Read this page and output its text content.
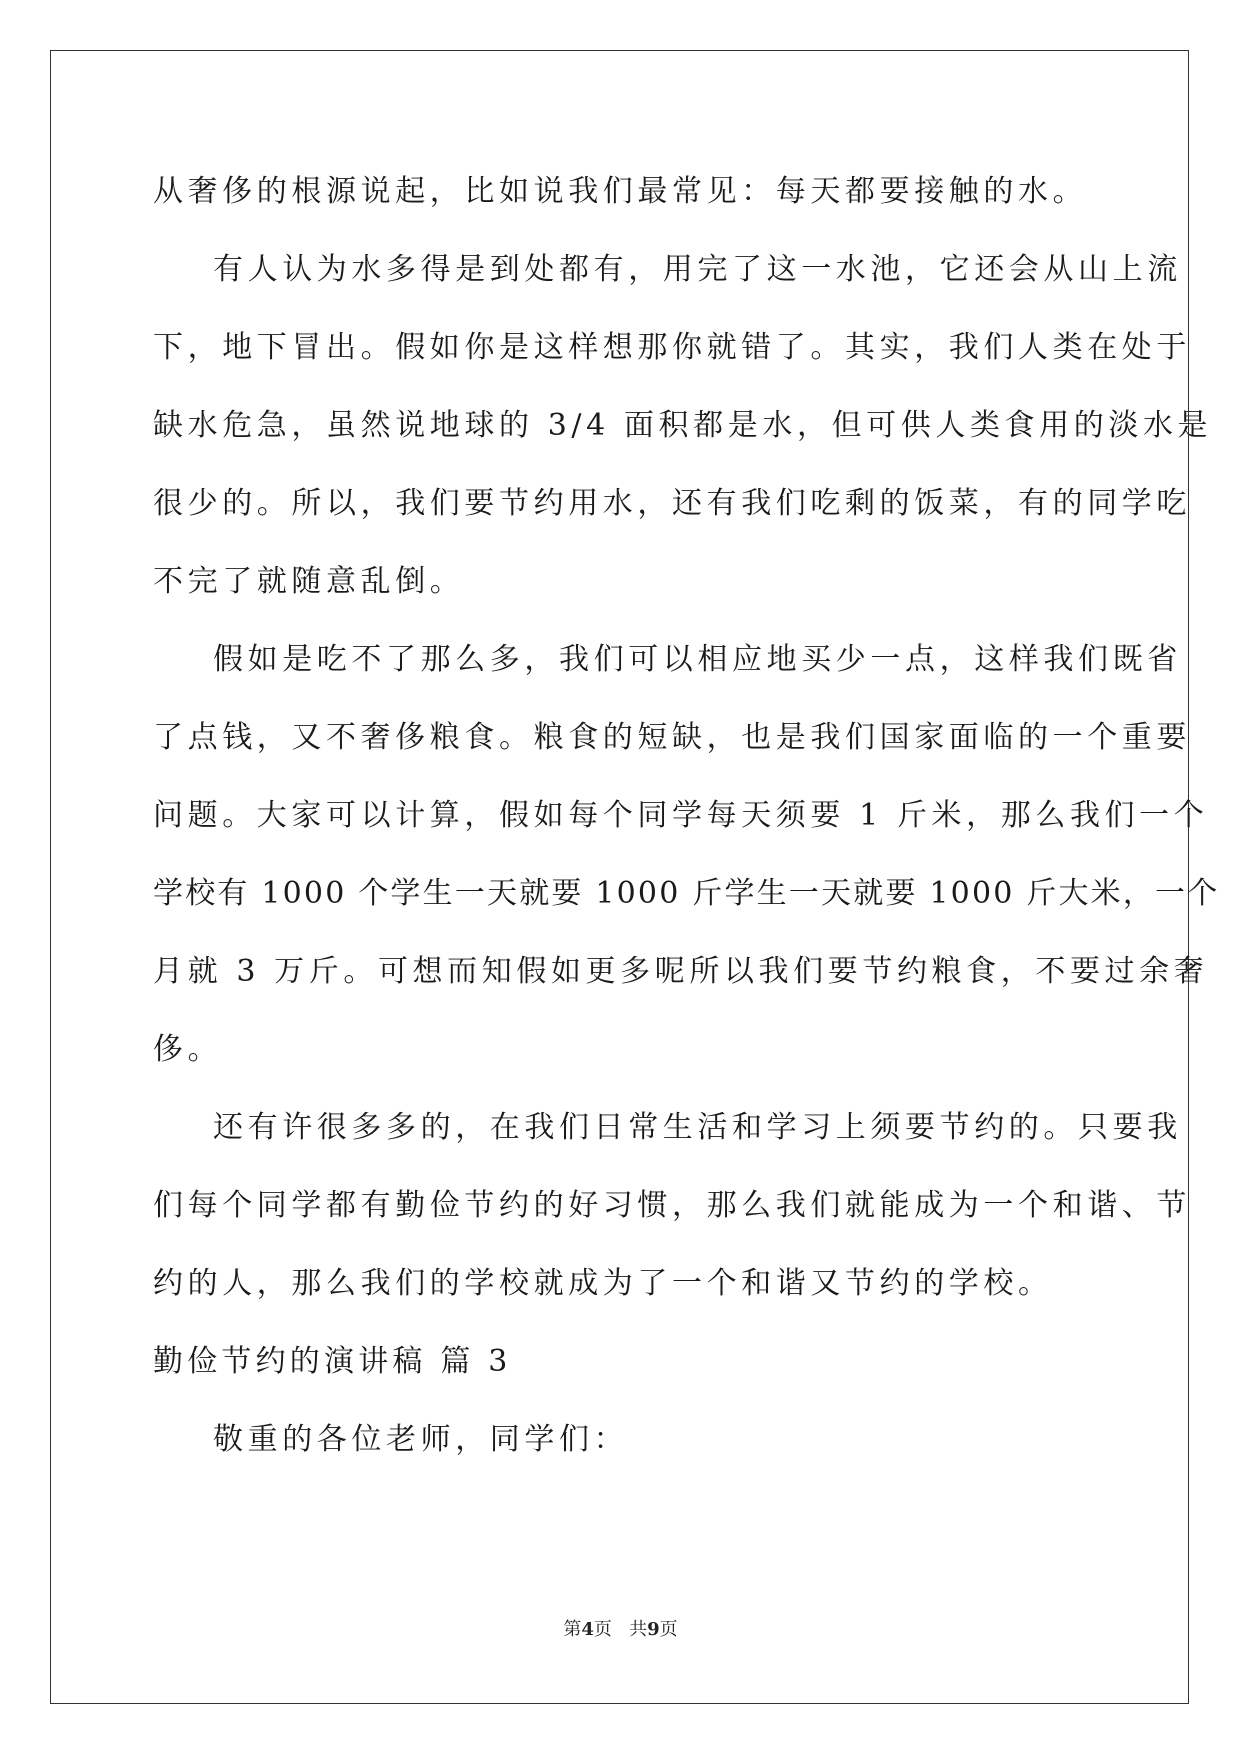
从奢侈的根源说起，比如说我们最常见：每天都要接触的水。
有人认为水多得是到处都有，用完了这一水池，它还会从山上流
下，地下冒出。假如你是这样想那你就错了。其实，我们人类在处于
缺水危急，虽然说地球的 3/4 面积都是水，但可供人类食用的淡水是
很少的。所以，我们要节约用水，还有我们吃剩的饭菜，有的同学吃
不完了就随意乱倒。
假如是吃不了那么多，我们可以相应地买少一点，这样我们既省
了点钱，又不奢侈粮食。粮食的短缺，也是我们国家面临的一个重要
问题。大家可以计算，假如每个同学每天须要 1 斤米，那么我们一个
学校有 1000 个学生一天就要 1000 斤学生一天就要 1000 斤大米，一个
月就 3 万斤。可想而知假如更多呢所以我们要节约粮食，不要过余奢
侈。
还有许很多多的，在我们日常生活和学习上须要节约的。只要我
们每个同学都有勤俭节约的好习惯，那么我们就能成为一个和谐、节
约的人，那么我们的学校就成为了一个和谐又节约的学校。
勤俭节约的演讲稿 篇 3
敬重的各位老师，同学们：
第4页   共9页
